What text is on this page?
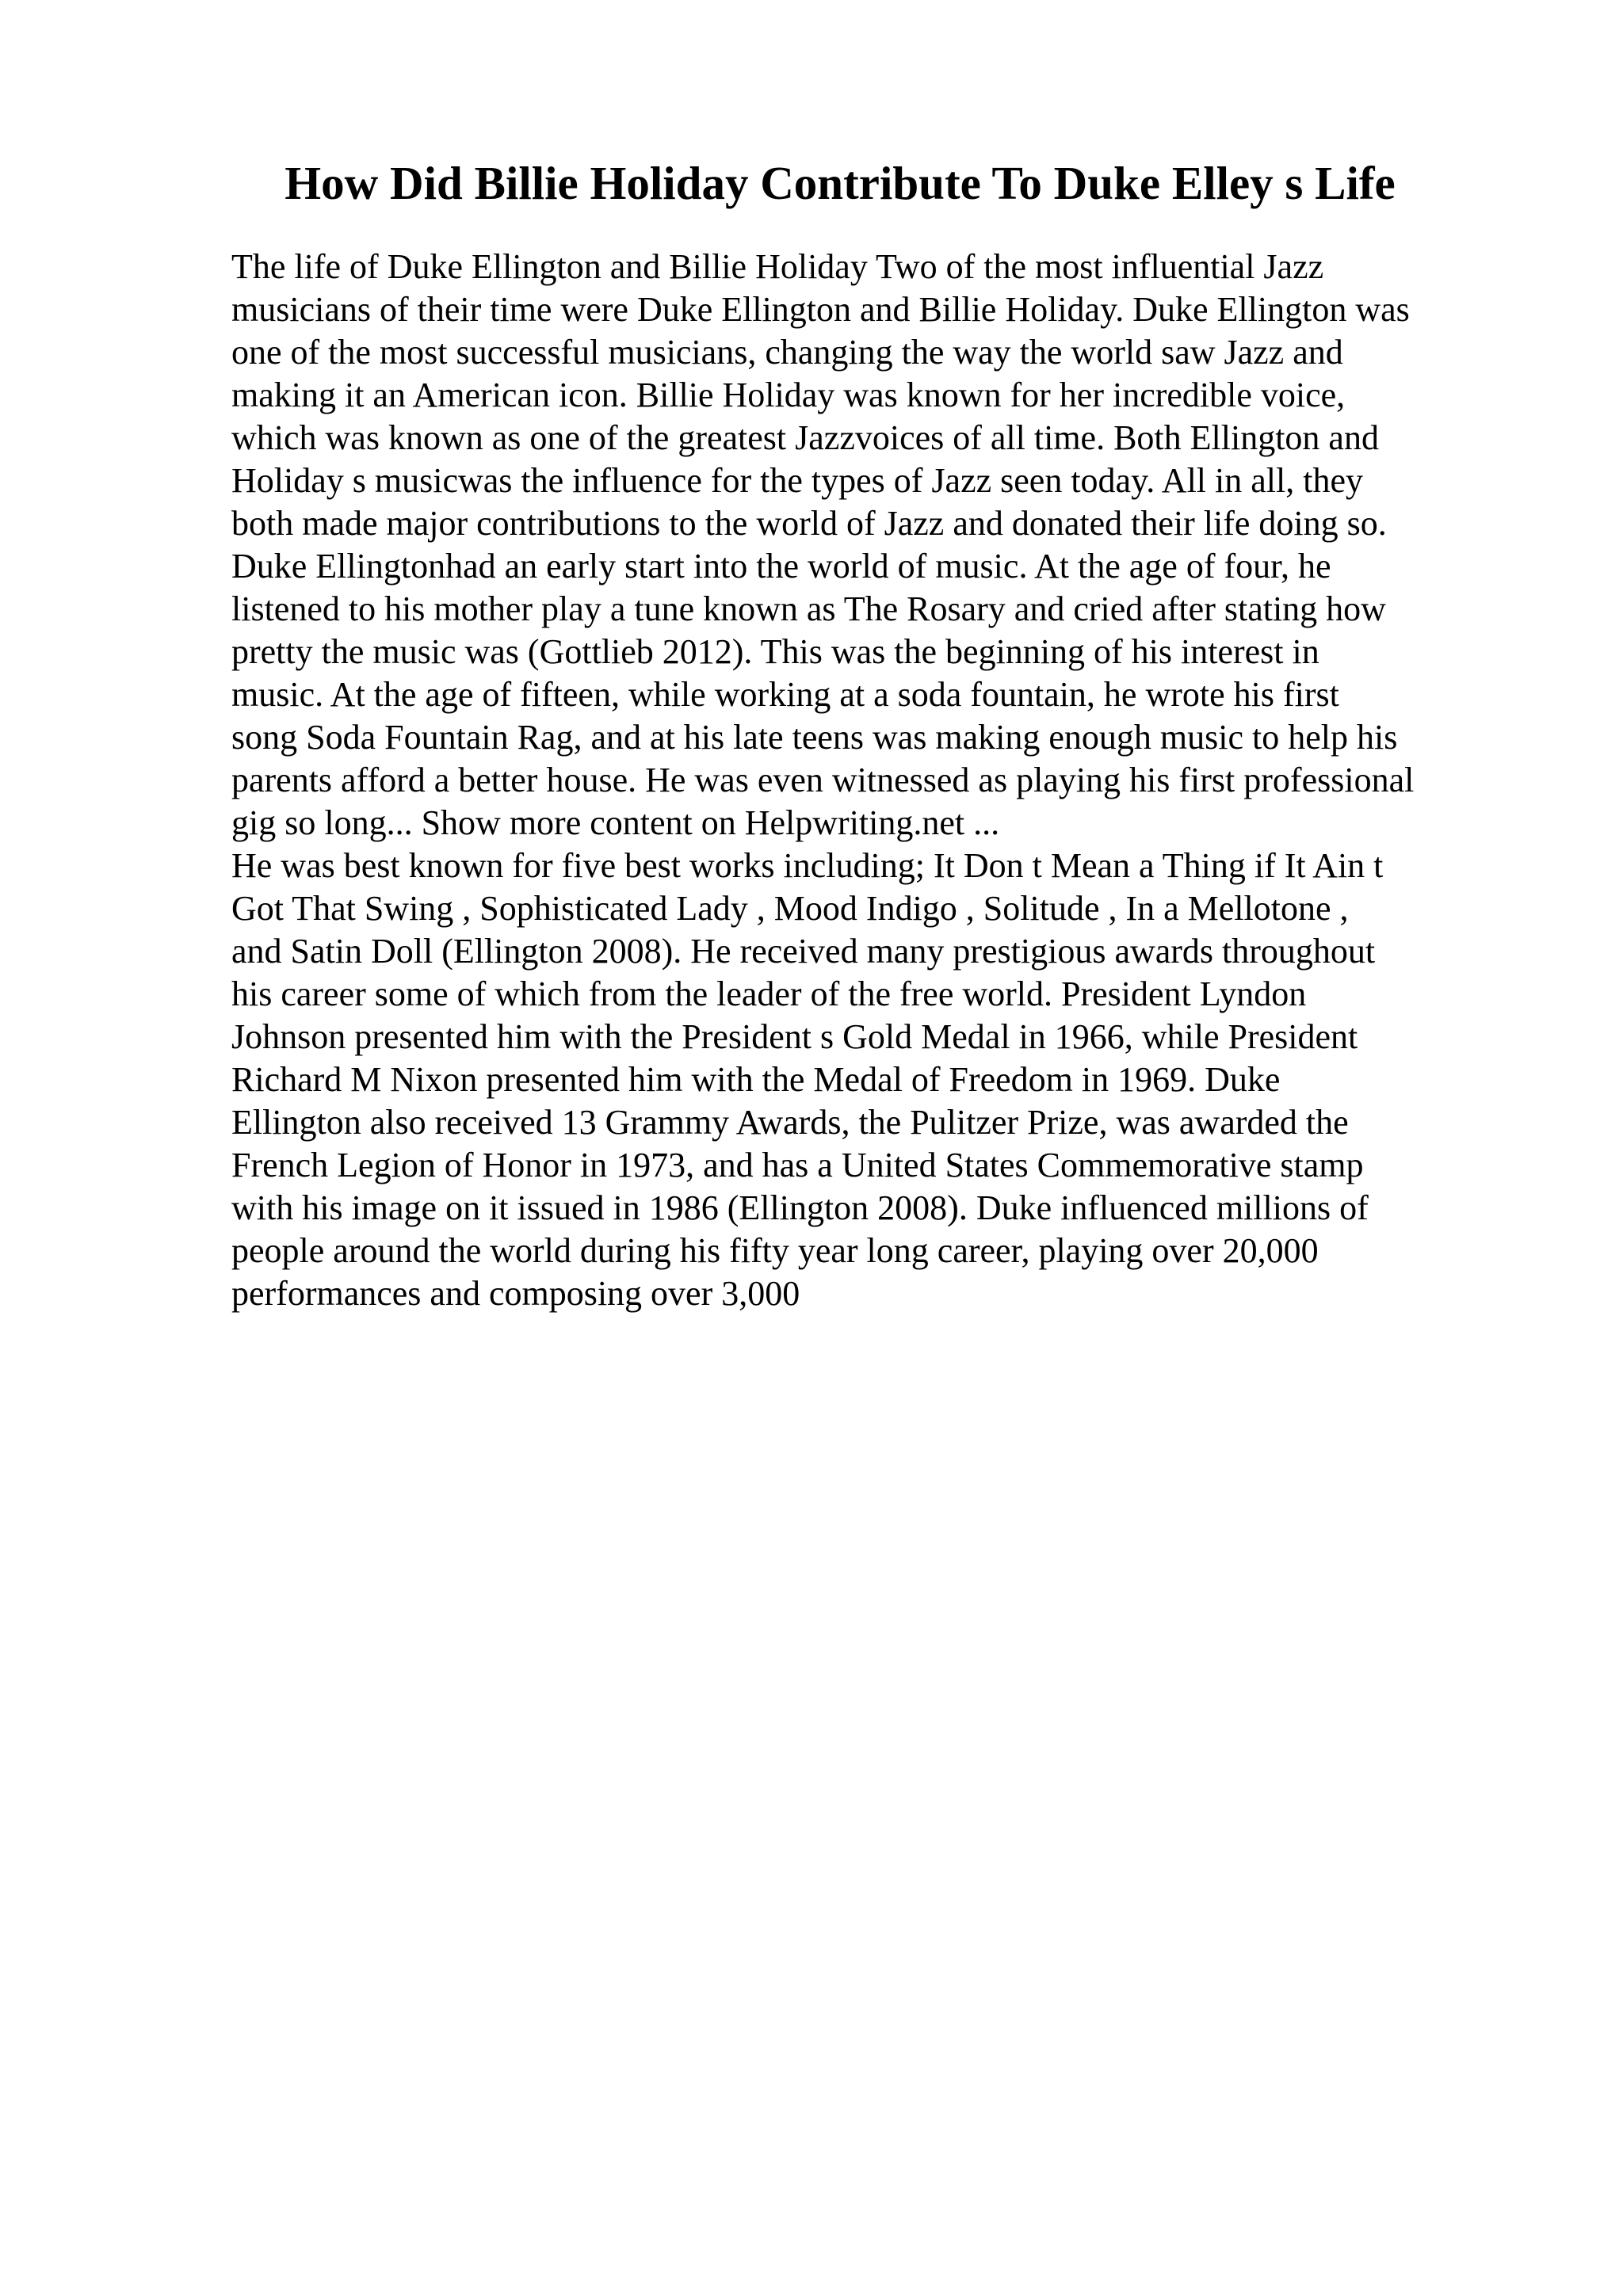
How Did Billie Holiday Contribute To Duke Elley s Life
The life of Duke Ellington and Billie Holiday Two of the most influential Jazz
musicians of their time were Duke Ellington and Billie Holiday. Duke Ellington was
one of the most successful musicians, changing the way the world saw Jazz and
making it an American icon. Billie Holiday was known for her incredible voice,
which was known as one of the greatest Jazzvoices of all time. Both Ellington and
Holiday s musicwas the influence for the types of Jazz seen today. All in all, they
both made major contributions to the world of Jazz and donated their life doing so.
Duke Ellingtonhad an early start into the world of music. At the age of four, he
listened to his mother play a tune known as The Rosary and cried after stating how
pretty the music was (Gottlieb 2012). This was the beginning of his interest in
music. At the age of fifteen, while working at a soda fountain, he wrote his first
song Soda Fountain Rag, and at his late teens was making enough music to help his
parents afford a better house. He was even witnessed as playing his first professional
gig so long... Show more content on Helpwriting.net ...
He was best known for five best works including; It Don t Mean a Thing if It Ain t
Got That Swing , Sophisticated Lady , Mood Indigo , Solitude , In a Mellotone ,
and Satin Doll (Ellington 2008). He received many prestigious awards throughout
his career some of which from the leader of the free world. President Lyndon
Johnson presented him with the President s Gold Medal in 1966, while President
Richard M Nixon presented him with the Medal of Freedom in 1969. Duke
Ellington also received 13 Grammy Awards, the Pulitzer Prize, was awarded the
French Legion of Honor in 1973, and has a United States Commemorative stamp
with his image on it issued in 1986 (Ellington 2008). Duke influenced millions of
people around the world during his fifty year long career, playing over 20,000
performances and composing over 3,000
